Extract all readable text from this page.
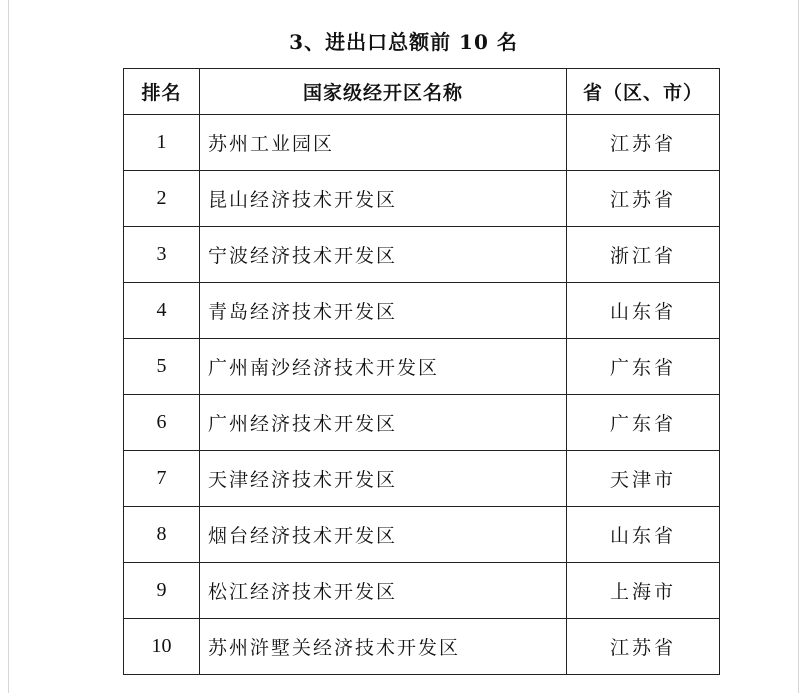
3、进出口总额前 10 名
排名	国家级经开区名称	省（区、市）
1	苏州工业园区	江苏省
2	昆山经济技术开发区	江苏省
3	宁波经济技术开发区	浙江省
4	青岛经济技术开发区	山东省
5	广州南沙经济技术开发区	广东省
6	广州经济技术开发区	广东省
7	天津经济技术开发区	天津市
8	烟台经济技术开发区	山东省
9	松江经济技术开发区	上海市
10	苏州浒墅关经济技术开发区	江苏省
